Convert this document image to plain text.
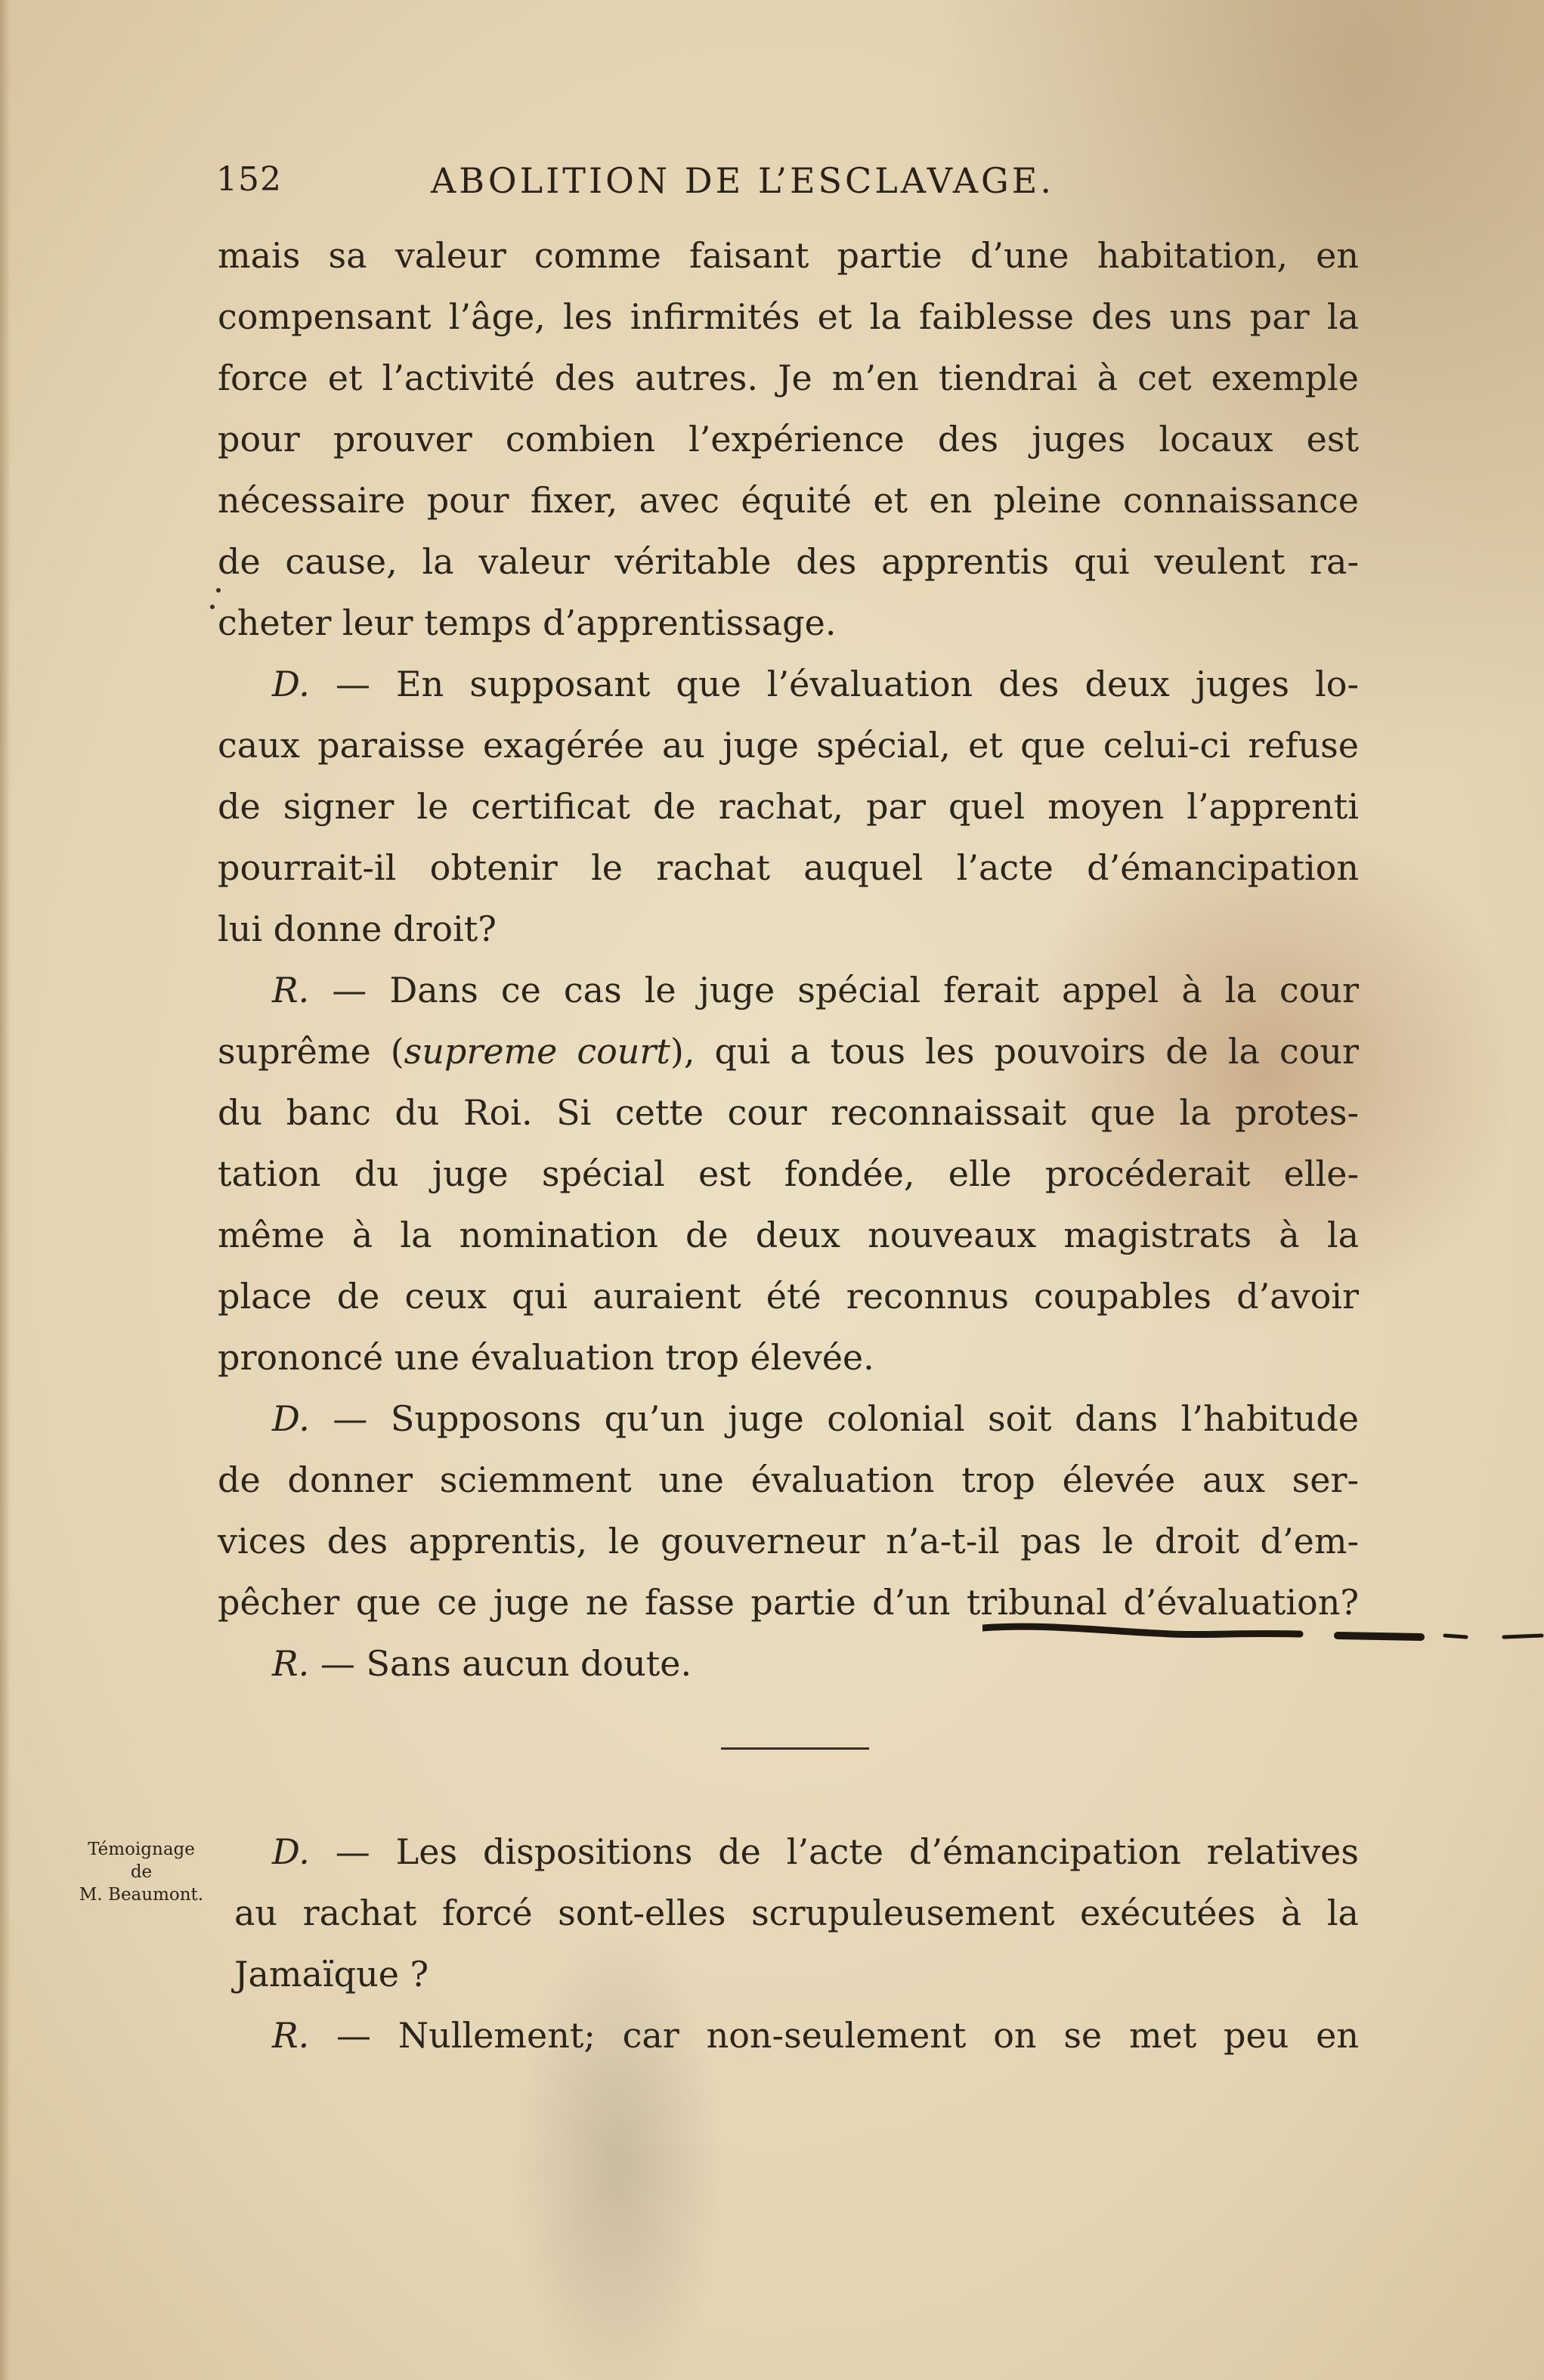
152	ABOLITION DE L’ESCLAVAGE.
mais sa valeur comme faisant partie d’une habitation, en
compensant l’âge, les infirmités et la faiblesse des uns par la
force et l’activité des autres. Je m’en tiendrai à cet exemple
pour prouver combien l’expérience des juges locaux est
nécessaire pour fixer, avec équité et en pleine connaissance
de cause, la valeur véritable des apprentis qui veulent ra-
cheter leur temps d’apprentissage.
D. — En supposant que l’évaluation des deux juges lo-
caux paraisse exagérée au juge spécial, et que celui-ci refuse
de signer le certificat de rachat, par quel moyen l’apprenti
pourrait-il obtenir le rachat auquel l’acte d’émancipation
lui donne droit?
R. — Dans ce cas le juge spécial ferait appel à la cour
suprême (supreme court), qui a tous les pouvoirs de la cour
du banc du Roi. Si cette cour reconnaissait que la protes-
tation du juge spécial est fondée, elle procéderait elle-
même à la nomination de deux nouveaux magistrats à la
place de ceux qui auraient été reconnus coupables d’avoir
prononcé une évaluation trop élevée.
D. — Supposons qu’un juge colonial soit dans l’habitude
de donner sciemment une évaluation trop élevée aux ser-
vices des apprentis, le gouverneur n’a-t-il pas le droit d’em-
pêcher que ce juge ne fasse partie d’un tribunal d’évaluation?
R. — Sans aucun doute.
Témoignage
de
M. Beaumont.
D. — Les dispositions de l’acte d’émancipation relatives
au rachat forcé sont-elles scrupuleusement exécutées à la
Jamaïque ?
R. — Nullement; car non-seulement on se met peu en
